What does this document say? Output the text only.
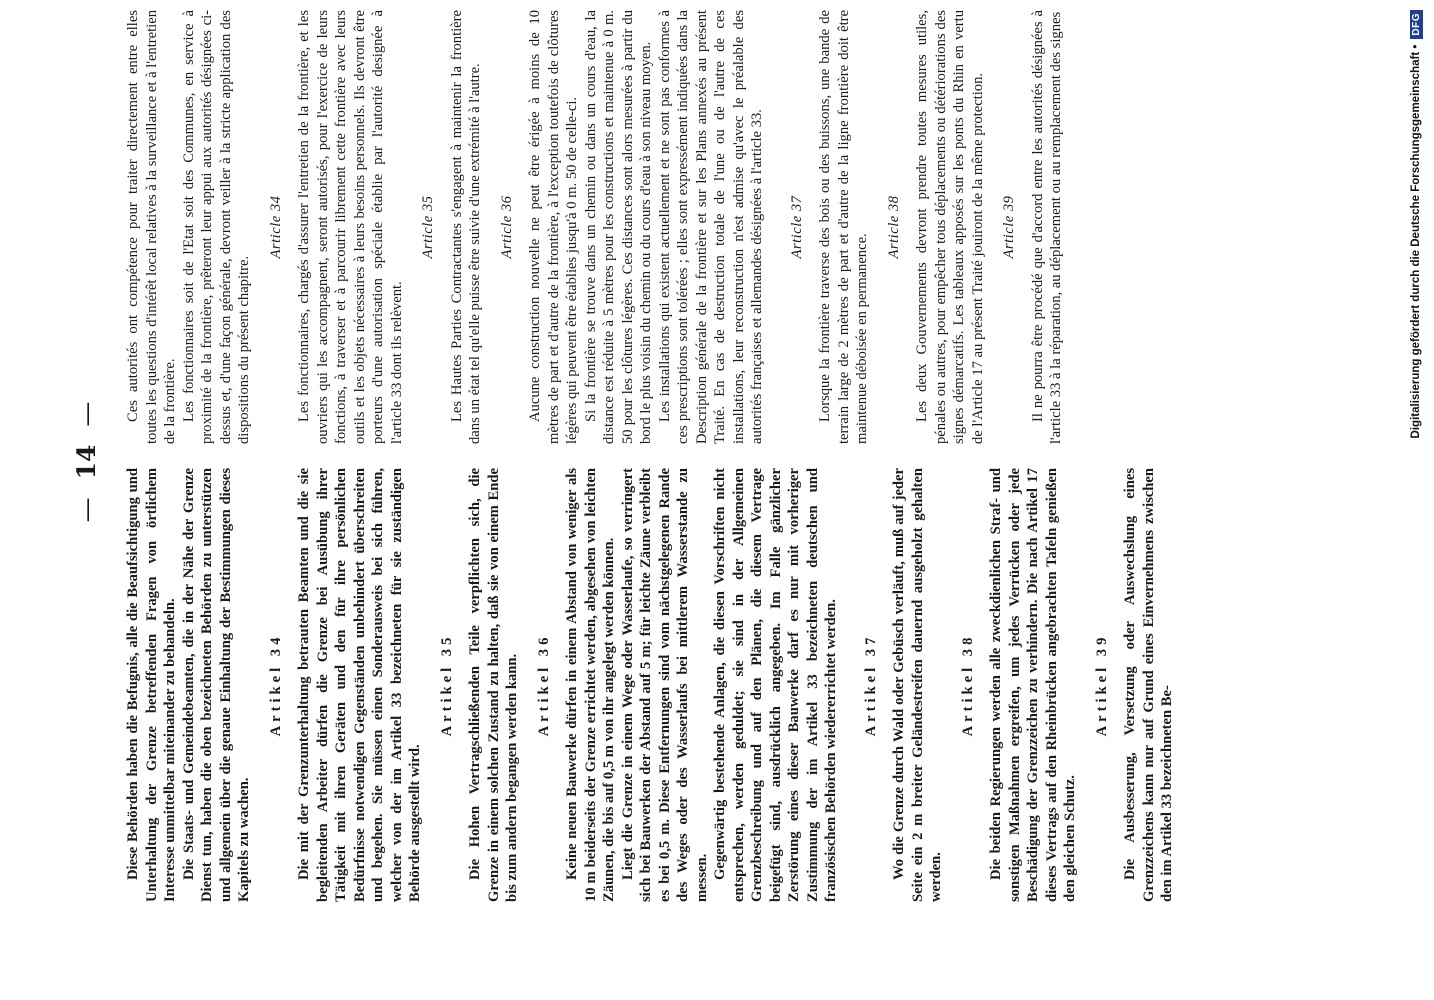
—14—

Diese Behörden haben die Befugnis, alle die Beaufsichtigung und Unterhaltung der Grenze betreffenden Fragen von örtlichem Interesse unmittelbar miteinander zu behandeln. Die Staats- und Gemeindebeamten, die in der Nähe der Grenze Dienst tun, haben die oben bezeichneten Behörden zu unterstützen und allgemein über die genaue Einhaltung der Bestimmungen dieses Kapitels zu wachen.

Artikel 34 Die mit der Grenzunterhaltung betrauten Beamten und die sie begleitenden Arbeiter dürfen die Grenze bei Ausübung ihrer Tätigkeit mit ihren Geräten und den für ihre persönlichen Bedürfnisse notwendigen Gegenständen unbehindert überschreiten und begehen. Sie müssen einen Sonderausweis bei sich führen, welcher von der im Artikel 33 bezeichneten für sie zuständigen Behörde ausgestellt wird.

Artikel 35 Die Hohen Vertragschließenden Teile verpflichten sich, die Grenze in einem solchen Zustand zu halten, daß sie von einem Ende bis zum andern begangen werden kann. Artikel 36 Keine neuen Bauwerke dürfen in einem Abstand von weniger als 10 m beiderseits der Grenze errichtet werden, abgesehen von leichten Zäunen, die bis auf 0,5 m von ihr angelegt werden können. Liegt die Grenze in einem Wege oder Wasserlaufe, so verringert sich bei Bauwerken der Abstand auf 5 m; für leichte Zäune verbleibt es bei 0,5 m. Diese Entfernungen sind vom nächstgelegenen Rande des Weges oder des Wasserlaufs bei mittlerem Wasserstande zu messen. Gegenwärtig bestehende Anlagen, die diesen Vorschriften nicht entsprechen, werden geduldet; sie sind in der Allgemeinen Grenzbeschreibung und auf den Plänen, die diesem Vertrage beigefügt sind, ausdrücklich angegeben. Im Falle gänzlicher Zerstörung eines dieser Bauwerke darf es nur mit vorheriger Zustimmung der im Artikel 33 bezeichneten deutschen und französischen Behörden wiedererrichtet werden. Artikel 37 Wo die Grenze durch Wald oder Gebüsch verläuft, muß auf jeder Seite ein 2 m breiter Geländestreifen dauernd ausgeholzt gehalten werden.

Artikel 38 Die beiden Regierungen werden alle zweckdienlichen Straf- und sonstigen Maßnahmen ergreifen, um jedes Verrücken oder jede Beschädigung der Grenzzeichen zu verhindern. Die nach Artikel 17 dieses Vertrags auf den Rheinbrücken angebrachten Tafeln genießen den gleichen Schutz.

Artikel 39 Die Ausbesserung, Versetzung oder Auswechslung eines Grenzzeichens kann nur auf Grund eines Einvernehmens zwischen den im Artikel 33 bezeichneten Be-

Ces autorités ont compétence pour traiter directement entre elles toutes les questions d'intérêt local relatives à la surveillance et à l'entretien de la frontière. Les fonctionnaires soit de l'Etat soit des Communes, en service à proximité de la frontière, prêteront leur appui aux autorités désignées ci-dessus et, d'une façon générale, devront veiller à la stricte application des dispositions du présent chapitre.

Article 34 Les fonctionnaires, chargés d'assurer l'entretien de la frontière, et les ouvriers qui les accompagnent, seront autorisés, pour l'exercice de leurs fonctions, à traverser et à parcourir librement cette frontière avec leurs outils et les objets nécessaires à leurs besoins personnels. Ils devront être porteurs d'une autorisation spéciale établie par l'autorité designée à l'article 33 dont ils relèvent.

Article 35 Les Hautes Parties Contractantes s'engagent à maintenir la frontière dans un état tel qu'elle puisse être suivie d'une extrémité à l'autre. Article 36 Aucune construction nouvelle ne peut être érigée à moins de 10 mètres de part et d'autre de la frontière, à l'exception toutefois de clôtures légères qui peuvent être établies jusqu'à 0 m. 50 de celle-ci. Si la frontière se trouve dans un chemin ou dans un cours d'eau, la distance est réduite à 5 mètres pour les constructions et maintenue à 0 m. 50 pour les clôtures légères. Ces distances sont alors mesurées à partir du bord le plus voisin du chemin ou du cours d'eau à son niveau moyen. Les installations qui existent actuellement et ne sont pas conformes à ces prescriptions sont tolérées ; elles sont expressément indiquées dans la Description générale de la frontière et sur les Plans annexés au présent Traité. En cas de destruction totale de l'une ou de l'autre de ces installations, leur reconstruction n'est admise qu'avec le préalable des autorités françaises et allemandes désignées à l'article 33. Article 37 Lorsque la frontière traverse des bois ou des buissons, une bande de terrain large de 2 mètres de part et d'autre de la ligne frontière doit être maintenue déboisée en permanence.

Article 38 Les deux Gouvernements devront prendre toutes mesures utiles, pénales ou autres, pour empêcher tous déplacements ou détériorations des signes démarcatifs. Les tableaux apposés sur les ponts du Rhin en vertu de l'Article 17 au présent Traité jouiront de la même protection. Article 39 Il ne pourra être procédé que d'accord entre les autorités désignées à l'article 33 à la réparation, au déplacement ou au remplacement des signes	Digitalisierung gefördert durch die Deutsche Forschungsgemeinschaft •
DFG
